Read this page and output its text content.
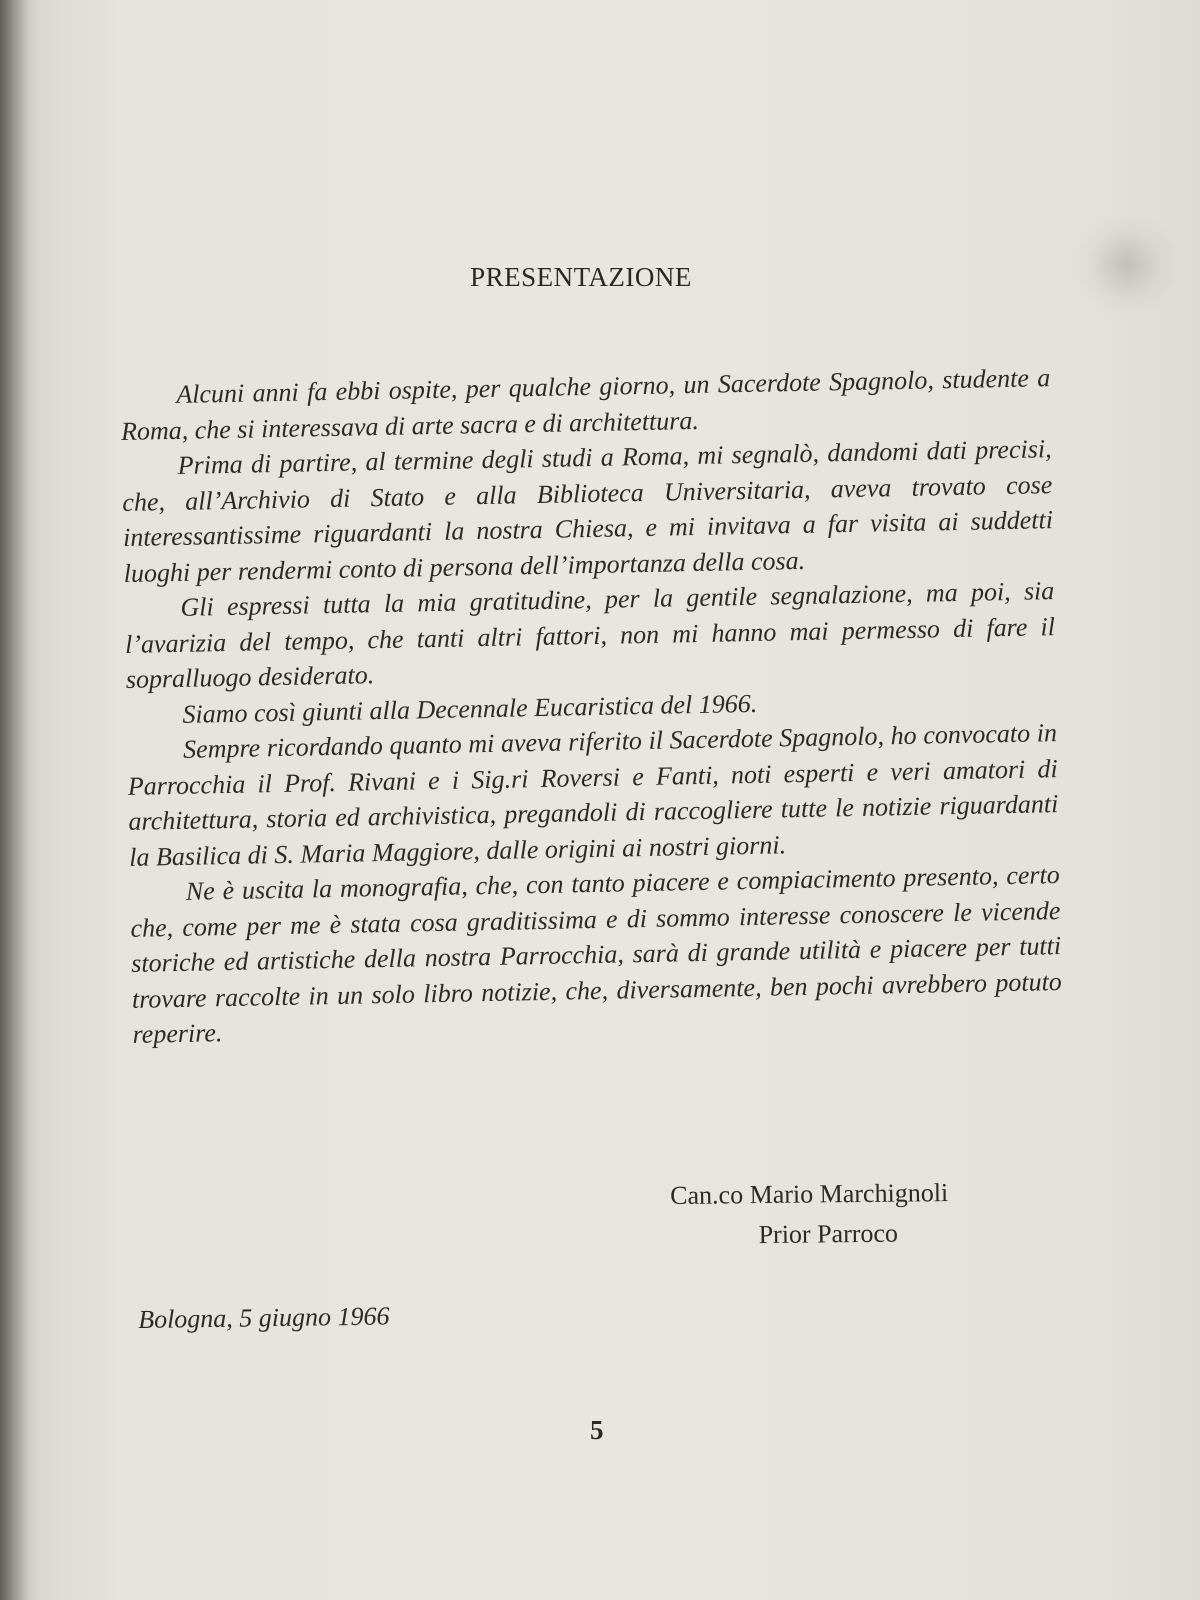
PRESENTAZIONE

Alcuni anni fa ebbi ospite, per qualche giorno, un Sacerdote Spagnolo, studente a Roma, che si interessava di arte sacra e di architettura.

Prima di partire, al termine degli studi a Roma, mi segnalò, dandomi dati precisi, che, all’Archivio di Stato e alla Biblioteca Universitaria, aveva trovato cose interessantissime riguardanti la nostra Chiesa, e mi invitava a far visita ai suddetti luoghi per rendermi conto di persona dell’importanza della cosa.

Gli espressi tutta la mia gratitudine, per la gentile segnalazione, ma poi, sia l’avarizia del tempo, che tanti altri fattori, non mi hanno mai permesso di fare il sopralluogo desiderato.

Siamo così giunti alla Decennale Eucaristica del 1966.

Sempre ricordando quanto mi aveva riferito il Sacerdote Spagnolo, ho convocato in Parrocchia il Prof. Rivani e i Sig.ri Roversi e Fanti, noti esperti e veri amatori di architettura, storia ed archivistica, pregandoli di raccogliere tutte le notizie riguardanti la Basilica di S. Maria Maggiore, dalle origini ai nostri giorni.

Ne è uscita la monografia, che, con tanto piacere e compiacimento presento, certo che, come per me è stata cosa graditissima e di sommo interesse conoscere le vicende storiche ed artistiche della nostra Parrocchia, sarà di grande utilità e piacere per tutti trovare raccolte in un solo libro notizie, che, diversamente, ben pochi avrebbero potuto reperire.

Can.co Mario Marchignoli
Prior Parroco
Bologna, 5 giugno 1966
5
